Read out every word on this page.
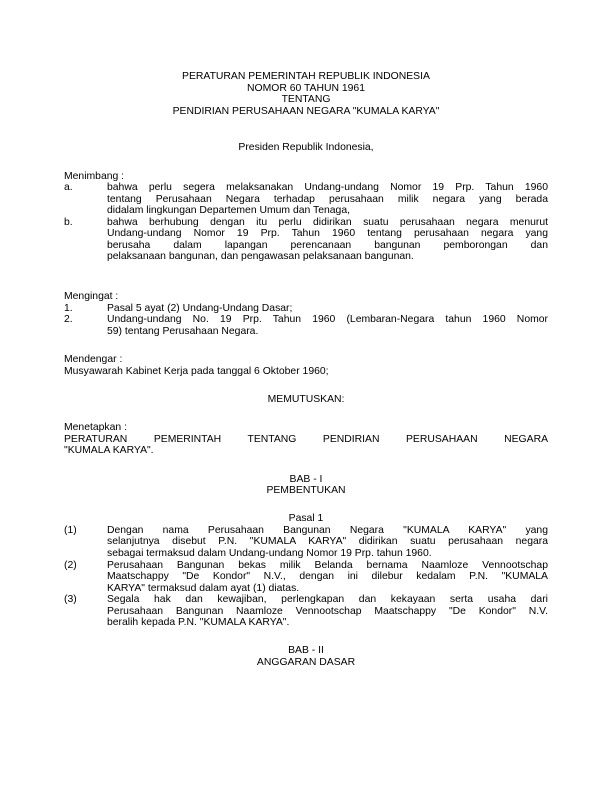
PERATURAN PEMERINTAH REPUBLIK INDONESIA
NOMOR 60 TAHUN 1961
TENTANG
PENDIRIAN PERUSAHAAN NEGARA "KUMALA KARYA"
Presiden Republik Indonesia,
Menimbang :
a.	bahwa perlu segera melaksanakan Undang-undang Nomor 19 Prp. Tahun 1960
tentang Perusahaan Negara terhadap perusahaan milik negara yang berada
didalam lingkungan Departemen Umum dan Tenaga,
b.	bahwa berhubung dengan itu perlu didirikan suatu perusahaan negara menurut
Undang-undang Nomor 19 Prp. Tahun 1960 tentang perusahaan negara yang
berusaha dalam lapangan perencanaan bangunan pemborongan dan
pelaksanaan bangunan, dan pengawasan pelaksanaan bangunan.
Mengingat :
1.	Pasal 5 ayat (2) Undang-Undang Dasar;
2.	Undang-undang No. 19 Prp. Tahun 1960 (Lembaran-Negara tahun 1960 Nomor
59) tentang Perusahaan Negara.
Mendengar :
Musyawarah Kabinet Kerja pada tanggal 6 Oktober 1960;
MEMUTUSKAN:
Menetapkan :
PERATURAN PEMERINTAH TENTANG PENDIRIAN PERUSAHAAN NEGARA
"KUMALA KARYA".
BAB - I
PEMBENTUKAN
Pasal 1
(1)	Dengan nama Perusahaan Bangunan Negara "KUMALA KARYA" yang
selanjutnya disebut P.N. "KUMALA KARYA" didirikan suatu perusahaan negara
sebagai termaksud dalam Undang-undang Nomor 19 Prp. tahun 1960.
(2)	Perusahaan Bangunan bekas milik Belanda bernama Naamloze Vennootschap
Maatschappy "De Kondor" N.V., dengan ini dilebur kedalam P.N. "KUMALA
KARYA" termaksud dalam ayat (1) diatas.
(3)	Segala hak dan kewajiban, perlengkapan dan kekayaan serta usaha dari
Perusahaan Bangunan Naamloze Vennootschap Maatschappy "De Kondor" N.V.
beralih kepada P.N. "KUMALA KARYA".
BAB - II
ANGGARAN DASAR
